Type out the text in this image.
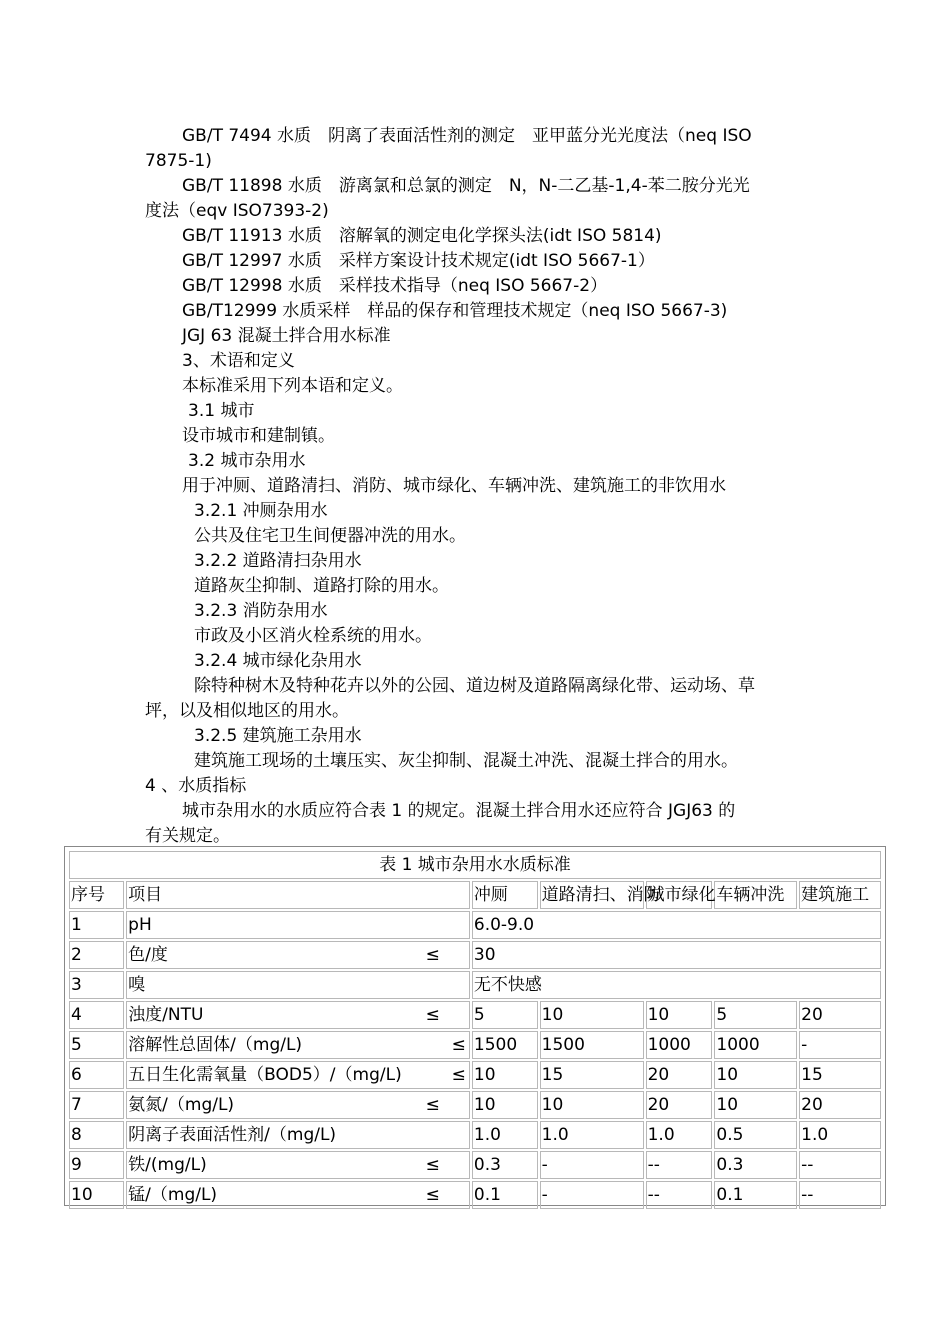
GB/T 7494 水质　阴离了表面活性剂的测定　亚甲蓝分光光度法（neq ISO
7875-1)
GB/T 11898 水质　游离氯和总氯的测定　N，N-二乙基-1,4-苯二胺分光光
度法（eqv ISO7393-2)
GB/T 11913 水质　溶解氧的测定电化学探头法(idt ISO 5814)
GB/T 12997 水质　采样方案设计技术规定(idt ISO 5667-1）
GB/T 12998 水质　采样技术指导（neq ISO 5667-2）
GB/T12999 水质采样　样品的保存和管理技术规定（neq ISO 5667-3)
JGJ 63 混凝土拌合用水标准
3、术语和定义
本标准采用下列本语和定义。
3.1 城市
设市城市和建制镇。
3.2 城市杂用水
用于冲厕、道路清扫、消防、城市绿化、车辆冲洗、建筑施工的非饮用水
3.2.1 冲厕杂用水
公共及住宅卫生间便器冲洗的用水。
3.2.2 道路清扫杂用水
道路灰尘抑制、道路打除的用水。
3.2.3 消防杂用水
市政及小区消火栓系统的用水。
3.2.4 城市绿化杂用水
除特种树木及特种花卉以外的公园、道边树及道路隔离绿化带、运动场、草
坪，以及相似地区的用水。
3.2.5 建筑施工杂用水
建筑施工现场的土壤压实、灰尘抑制、混凝土冲洗、混凝土拌合的用水。
4 、水质指标
城市杂用水的水质应符合表 1 的规定。混凝土拌合用水还应符合 JGJ63 的
有关规定。
表 1 城市杂用水水质标准						
序号	项目	冲厕	道路清扫、消防	城市绿化	车辆冲洗	建筑施工
1	pH	6.0-9.0				
2	色/度 ≤	30				
3	嗅	无不快感				
4	浊度/NTU ≤	5	10	10	5	20
5	溶解性总固体/（mg/L) ≤	1500	1500	1000	1000	-
6	五日生化需氧量（BOD5）/（mg/L) ≤	10	15	20	10	15
7	氨氮/（mg/L) ≤	10	10	20	10	20
8	阴离子表面活性剂/（mg/L)	1.0	1.0	1.0	0.5	1.0
9	铁/(mg/L) ≤	0.3	-	--	0.3	--
10	锰/（mg/L) ≤	0.1	-	--	0.1	--
